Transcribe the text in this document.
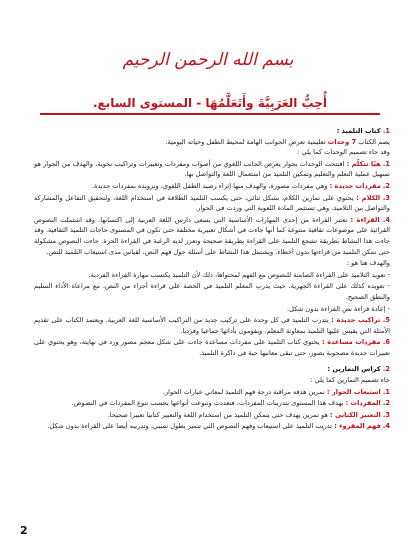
بسم الله الرحمن الرحيم
أُحِبُّ العَرَبِيَّةَ وأَتَعَلَّمُهَا - المستوى السابع.

1. كتاب التلميذ :

يضم الكتاب 7 وحدات تعليمية تعرض الجوانب الهامة لمحيط الطفل وحياته اليومية.

وقد جاء تصميم الوحدات كما يلي :

1. هيّا نتكلّم : افتتحت الوحدات بحوار يعرض الجانب اللغوي من أصوات ومفردات وتعبيرات وتراكيب نحوية، والهدف من الحوار هو تسهيل عملية التعلم والتعليم وتمكين التلميذ من استعمال اللغة والتواصل بها.

2. مفردات جديدة : وهي مفردات مصورة، والهدف منها إثراء رصيد الطفل اللغوي، وتزويده بمفردات جديدة.

3. الكلام : يحتوي على تمارين الكلام، بشكل ثنائي، حتى يكسب التلميذ الطلاقة في استخدام اللغة، ولتحقيق التفاعل والمشاركة والتواصل بين التلاميذ. وهي تستثمر المادة اللغوية التي وردت في الحوار.

4. القراءة : تعتبر القراءة من إحدى المهارات الأساسية التي يسعى دارس اللغة العربية إلى اكتسابها. وقد اشتملت النصوص القرائية على موضوعات ثقافية متنوعة كما أنها جاءت في أشكال تعبيرية مختلفة حتى تكون في المستوى حاجات التلميذ الثقافية. وقد جاءت هذا النشاط بطريقة تشجع التلميذ على القراءة بطريقة صحيحة وتعزز لديه الرغبة في القراءة الحرة. جاءت النصوص مشكولة حتى تمكن التلميذ من قراءتها بدون أخطاء. ويشتمل هذا النشاط على أسئلة حول فهم النص، لقياس مدى استيعاب التلميذ للنص.

والهدف هنا هو :

- تعويد التلاميذ على القراءة الصامتة للنصوص مع الفهم لمحتواها، ذلك لأن التلميذ يكتسب مهارة القراءة الفردية.

- تعويده كذلك على القراءة الجهرية، حيث يدرب المعلم التلميذ في الحصة على قراءة أجزاء من النص، مع مراعاة الأداء السليم والنطق الصحيح.

- إعادة قراءة نص القراءة بدون شكل.

5. تراكيب جديدة : يتدرب التلميذ في كل وحدة على تركيب جديد من التراكيب الأساسية للغة العربية. ويعتمد الكتاب على تقديم الأمثلة التي يقيس عليها التلميذ بمعاونة المعلم، ويقومون بأدائها جماعيا وفرديا.

6. مفردات مساعدة : يحتوي كتاب التلميذ على مفردات مساعدة جاءت على شكل معجم مصور ورد في نهايته، وهو يحتوي على تعبيرات جديدة مصحوبة بصور، حتى تبقى معانيها حية في ذاكرة التلميذ.

2. كراس التمارين :

جاء تصميم التمارين كما يلي :

1. استيعاب الحوار : نمرين هدفه مراقبة درجة فهم التلميذ لمعاني عبارات الحوار.

2. المفردات : يهدف هذا المستوى بتدريبات المفردات، فتعددت وتنوعت أنواعها بحسب تنوع المفردات في النصوص.

3. التعبير الكتابي : هو تمرين يهدف حتى يتمكن التلميذ من استخدام اللغة والتعبير كتابيا تعبيرا صحيحا.

4. فهم المقروء : تدريب التلميذ على استيعاب وفهم النصوص التي تتميز بطول نسبي. وتدريبه أيضا على القراءة بدون شكل.

2
